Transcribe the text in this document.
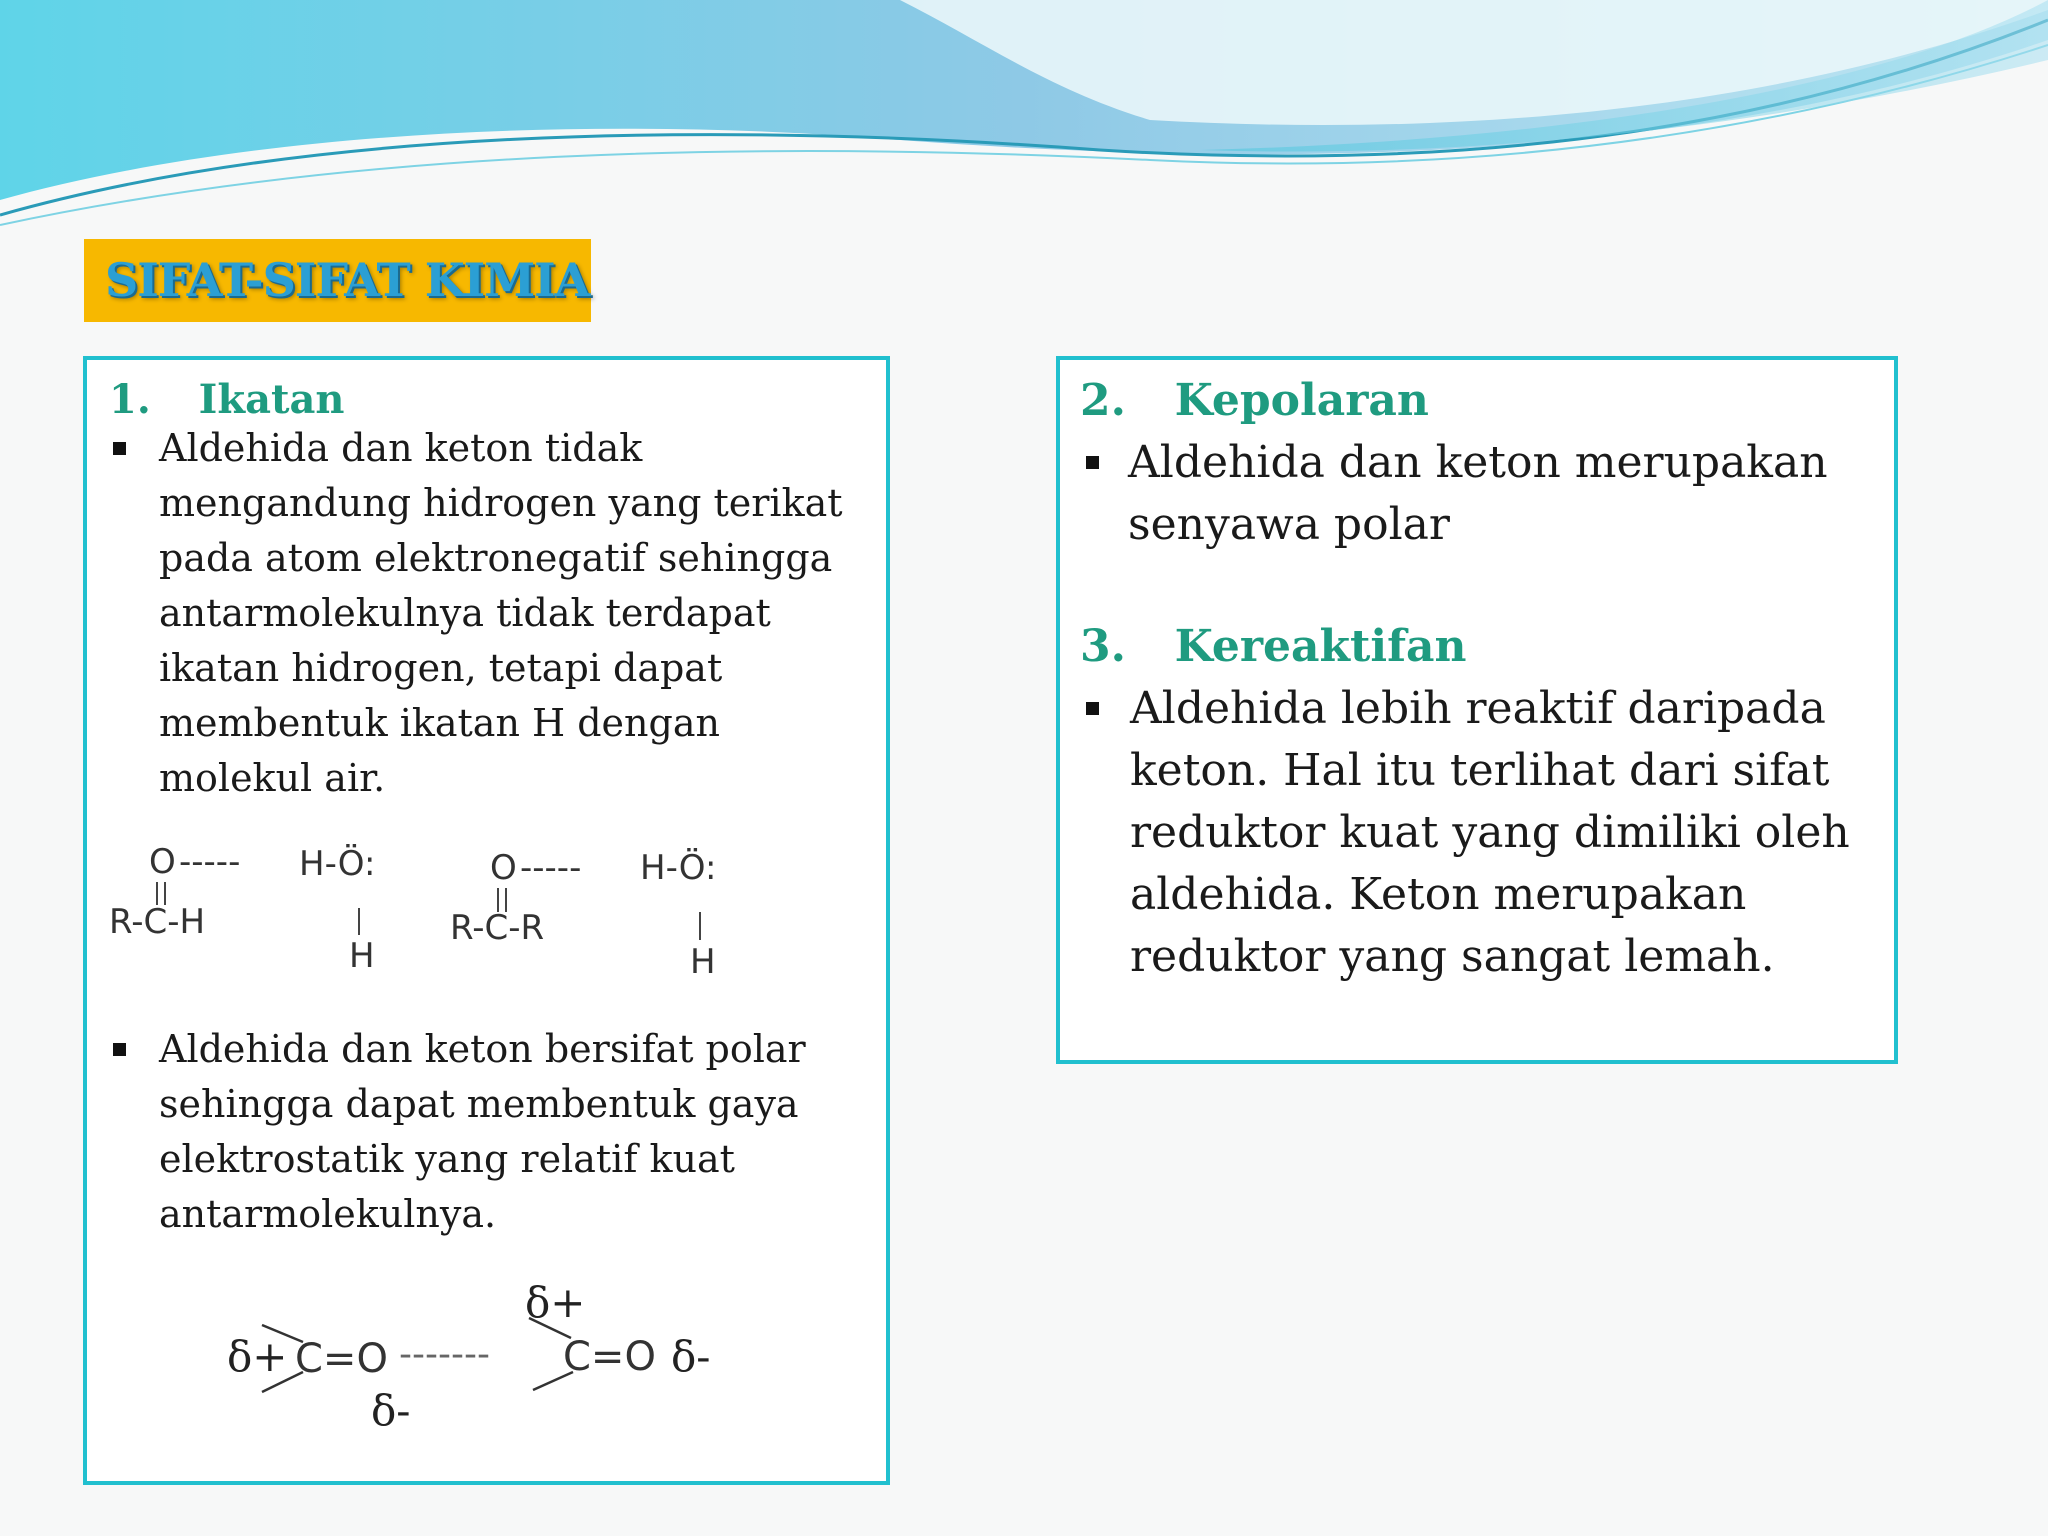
SIFAT-SIFAT KIMIA
1. Ikatan
Aldehida dan keton tidak
mengandung hidrogen yang terikat
pada atom elektronegatif sehingga
antarmolekulnya tidak terdapat
ikatan hidrogen, tetapi dapat
membentuk ikatan H dengan
molekul air.
O ----- H-Ö:
R-C-H
H
O ----- H-Ö:
R-C-R
H
Aldehida dan keton bersifat polar
sehingga dapat membentuk gaya
elektrostatik yang relatif kuat
antarmolekulnya.
δ+ C=O -------
δ-
δ+
C=O δ-
2. Kepolaran
Aldehida dan keton merupakan
senyawa polar
3. Kereaktifan
Aldehida lebih reaktif daripada
keton. Hal itu terlihat dari sifat
reduktor kuat yang dimiliki oleh
aldehida. Keton merupakan
reduktor yang sangat lemah.
